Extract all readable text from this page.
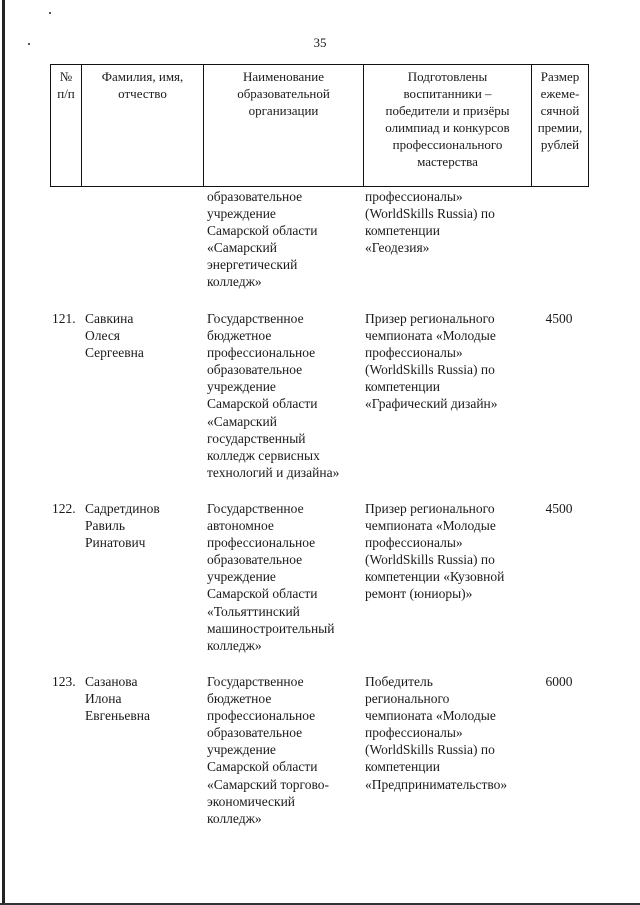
35
№
п/п
Фамилия, имя,
отчество
Наименование
образовательной
организации
Подготовлены
воспитанники –
победители и призёры
олимпиад и конкурсов
профессионального
мастерства
Размер
ежеме-
сячной
премии,
рублей
образовательное
учреждение
Самарской области
«Самарский
энергетический
колледж»
профессионалы»
(WorldSkills Russia) по
компетенции
«Геодезия»
121. Савкина
Олеся
Сергеевна
Государственное
бюджетное
профессиональное
образовательное
учреждение
Самарской области
«Самарский
государственный
колледж сервисных
технологий и дизайна»
Призер регионального
чемпионата «Молодые
профессионалы»
(WorldSkills Russia) по
компетенции
«Графический дизайн»
4500
122. Садретдинов
Равиль
Ринатович
Государственное
автономное
профессиональное
образовательное
учреждение
Самарской области
«Тольяттинский
машиностроительный
колледж»
Призер регионального
чемпионата «Молодые
профессионалы»
(WorldSkills Russia) по
компетенции «Кузовной
ремонт (юниоры)»
4500
123. Сазанова
Илона
Евгеньевна
Государственное
бюджетное
профессиональное
образовательное
учреждение
Самарской области
«Самарский торгово-
экономический
колледж»
Победитель
регионального
чемпионата «Молодые
профессионалы»
(WorldSkills Russia) по
компетенции
«Предпринимательство»
6000
